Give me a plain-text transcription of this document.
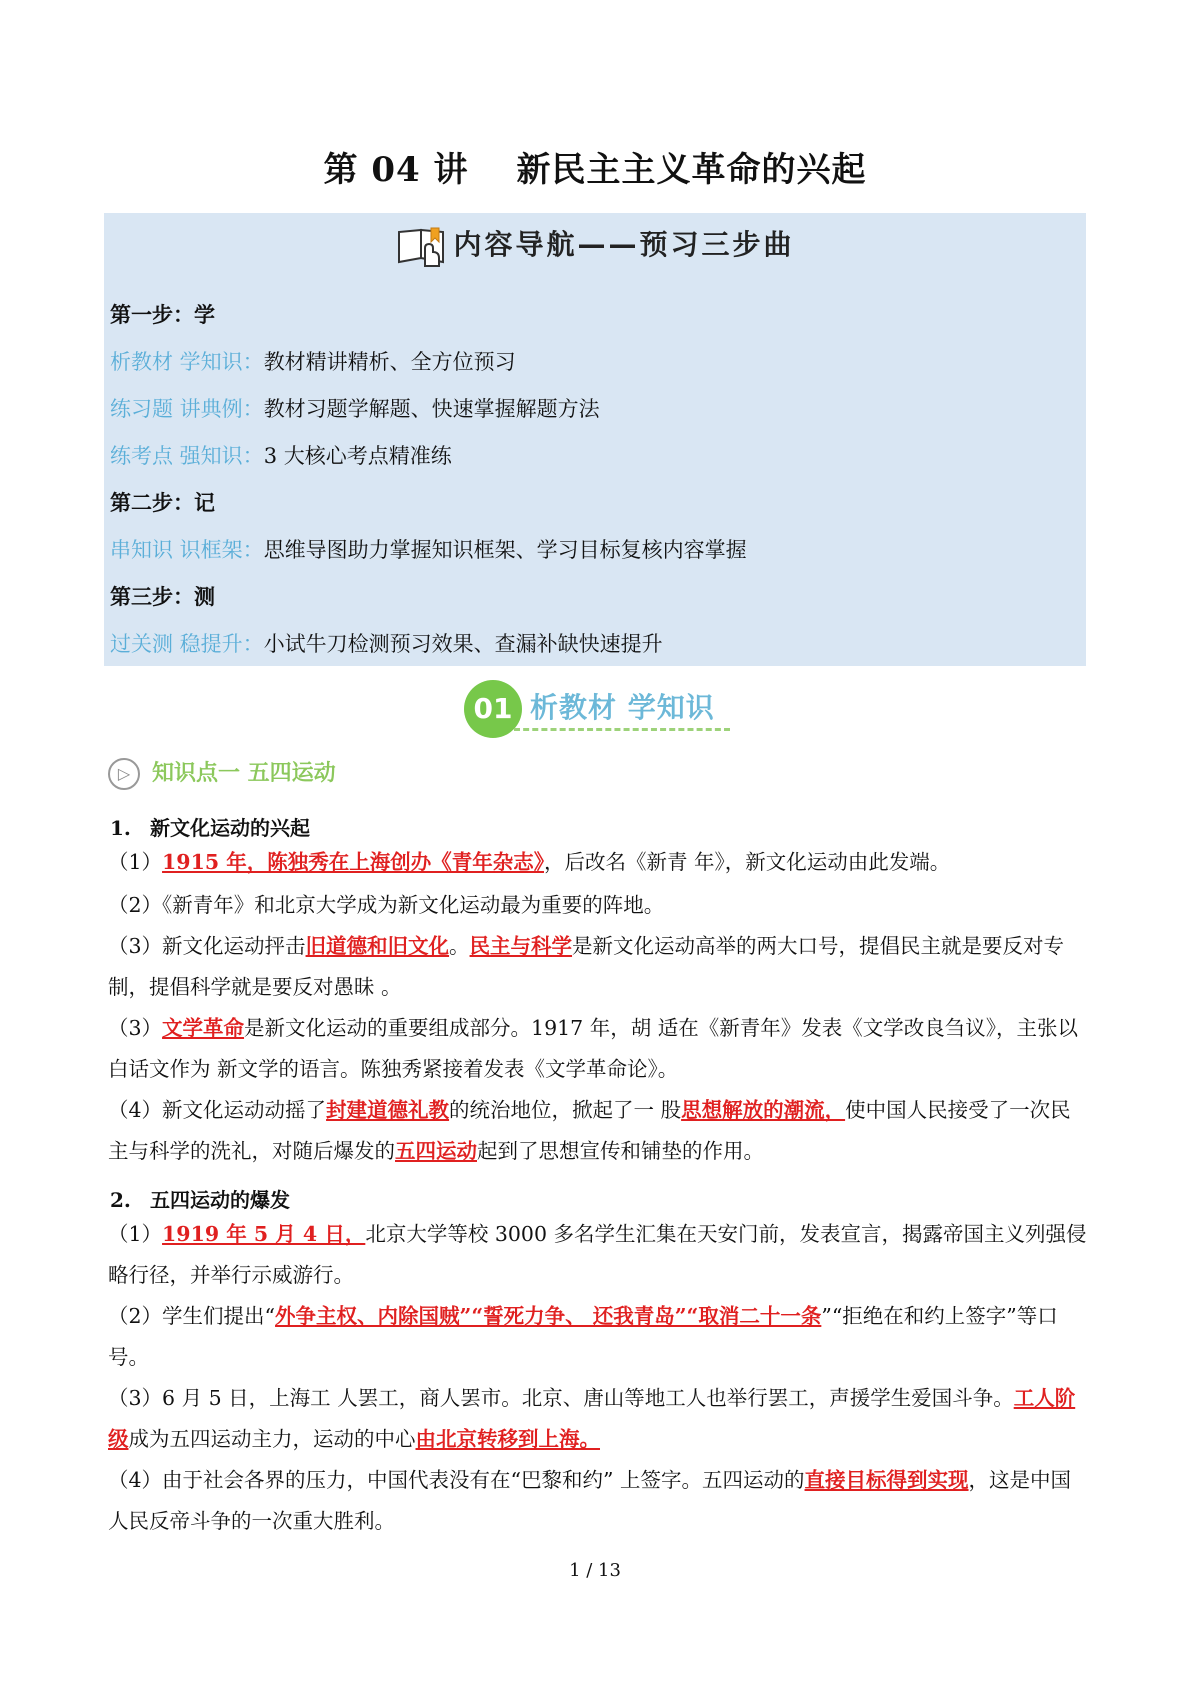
第 04 讲 新民主主义革命的兴起
内容导航——预习三步曲
第一步：学
析教材 学知识：教材精讲精析、全方位预习
练习题 讲典例：教材习题学解题、快速掌握解题方法
练考点 强知识：3 大核心考点精准练
第二步：记
串知识 识框架：思维导图助力掌握知识框架、学习目标复核内容掌握
第三步：测
过关测 稳提升：小试牛刀检测预习效果、查漏补缺快速提升
01 析教材 学知识
▷ 知识点一 五四运动
1. 新文化运动的兴起
（1）1915 年，陈独秀在上海创办《青年杂志》，后改名《新青 年》，新文化运动由此发端。
（2）《新青年》和北京大学成为新文化运动最为重要的阵地。
（3）新文化运动抨击旧道德和旧文化。民主与科学是新文化运动高举的两大口号，提倡民主就是要反对专制，提倡科学就是要反对愚昧 。
（3）文学革命是新文化运动的重要组成部分。1917 年，胡 适在《新青年》发表《文学改良刍议》，主张以白话文作为 新文学的语言。陈独秀紧接着发表《文学革命论》。
（4）新文化运动动摇了封建道德礼教的统治地位，掀起了一 股思想解放的潮流，使中国人民接受了一次民主与科学的洗礼，对随后爆发的五四运动起到了思想宣传和铺垫的作用。
2. 五四运动的爆发
（1）1919 年 5 月 4 日，北京大学等校 3000 多名学生汇集在天安门前，发表宣言，揭露帝国主义列强侵略行径，并举行示威游行。
（2）学生们提出“外争主权、内除国贼”“誓死力争、 还我青岛”“取消二十一条”“拒绝在和约上签字”等口号。
（3）6 月 5 日，上海工 人罢工，商人罢市。北京、唐山等地工人也举行罢工，声援学生爱国斗争。工人阶级成为五四运动主力，运动的中心由北京转移到上海。
（4）由于社会各界的压力，中国代表没有在“巴黎和约” 上签字。五四运动的直接目标得到实现，这是中国人民反帝斗争的一次重大胜利。
1 / 13
